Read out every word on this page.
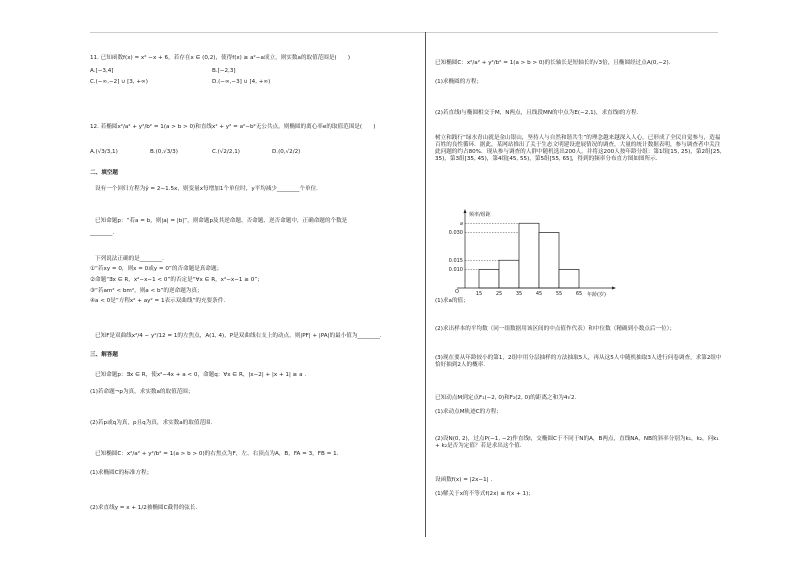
11. 已知函数f(x) = x² −x + 6，若存在x ∈ (0,2)，使得f(x) ≥ a²−a成立，则实数a的取值范围是(　　)
A.[−3,4]	B.[−2,3]
C.(−∞,−2] ∪ [3, +∞)	D.(−∞,−3] ∪ [4, +∞)
12. 若椭圆x²/a² + y²/b² = 1(a > b > 0)和直线x² + y² = a²−b²无公共点，则椭圆的离心率e的取值范围是(　　)
A.(√3/3,1)	B.(0,√3/3)	C.(√2/2,1)	D.(0,√2/2)
二、填空题
设有一个回归方程为ŷ = 2−1.5x，则变量x每增加1个单位时，y平均减少________个单位.
已知命题p：“若a = b，则|a| = |b|”，则命题p及其逆命题、否命题、逆否命题中，正确命题的个数是
________.
下列说法正确的是________.
①“若xy = 0，则x = 0或y = 0”的否命题是真命题；
②命题“∃x ∈ R，x²−x−1 < 0”的否定是“∀x ∈ R，x²−x−1 ≥ 0”；
③“若am² < bm²，则a < b”的逆命题为真；
④a < 0是“方程x² + ay² = 1表示双曲线”的充要条件.
已知F是双曲线x²/4 − y²/12 = 1的左焦点，A(1, 4)，P是双曲线右支上的动点，则|PF| + |PA|的最小值为________.
三、解答题
已知命题p：∃x ∈ R，使x²−4x + a < 0，命题q：∀x ∈ R，|x−2| + |x + 1| ≥ a .
(1)若命题¬p为真，求实数a的取值范围；
(2)若p或q为真，p且q为真，求实数a的取值范围.
已知椭圆C：x²/a² + y²/b² = 1(a > b > 0)的右焦点为F，左、右顶点为A，B，FA = 3，FB = 1.
(1)求椭圆C的标准方程；
(2)求直线y = x + 1/2被椭圆C截得的弦长.
已知椭圆C：x²/a² + y²/b² = 1(a > b > 0)的长轴长是短轴长的√3倍，且椭圆经过点A(0,−2).
(1)求椭圆的方程；
(2)若直线l与椭圆相交于M，N两点，且线段MN的中点为E(−2,1)，求直线l的方程.
树立和践行“绿水青山就是金山银山，坚持人与自然和谐共生”的理念越来越深入人心，已形成了全民自觉参与，造福百姓的良性循环．据此，某网站推出了关于生态文明建设进展情况的调查，大量的统计数据表明，参与调查者中关注此问题的约占80%．现从参与调查的人群中随机选出200人，并将这200人按年龄分组：第1组[15, 25)，第2组[25, 35)，第3组[35, 45)，第4组[45, 55)，第5组[55, 65]，得到的频率分布直方图如图所示.
频率/组距
年龄(岁)
O	15	25	35	45	55	65
0.010
0.015
0.030
a
(1)求a的值；
(2)求出样本的平均数（同一组数据用该区间的中点值作代表）和中位数（精确到小数点后一位）；
(3)现在要从年龄较小的第1，2组中用分层抽样的方法抽取5人，再从这5人中随机抽取3人进行问卷调查，求第2组中恰好抽到2人的概率.
已知动点M到定点F₁(−2, 0)和F₂(2, 0)的距离之和为4√2.
(1)求动点M轨迹C的方程；
(2)设N(0, 2)，过点P(−1, −2)作直线l，交椭圆C于不同于N的A，B两点，直线NA，NB的斜率分别为k₁，k₂，问k₁ + k₂是否为定值？若是求出这个值.
设函数f(x) = |2x−1| .
(1)解关于x的不等式f(2x) ≤ f(x + 1)；
